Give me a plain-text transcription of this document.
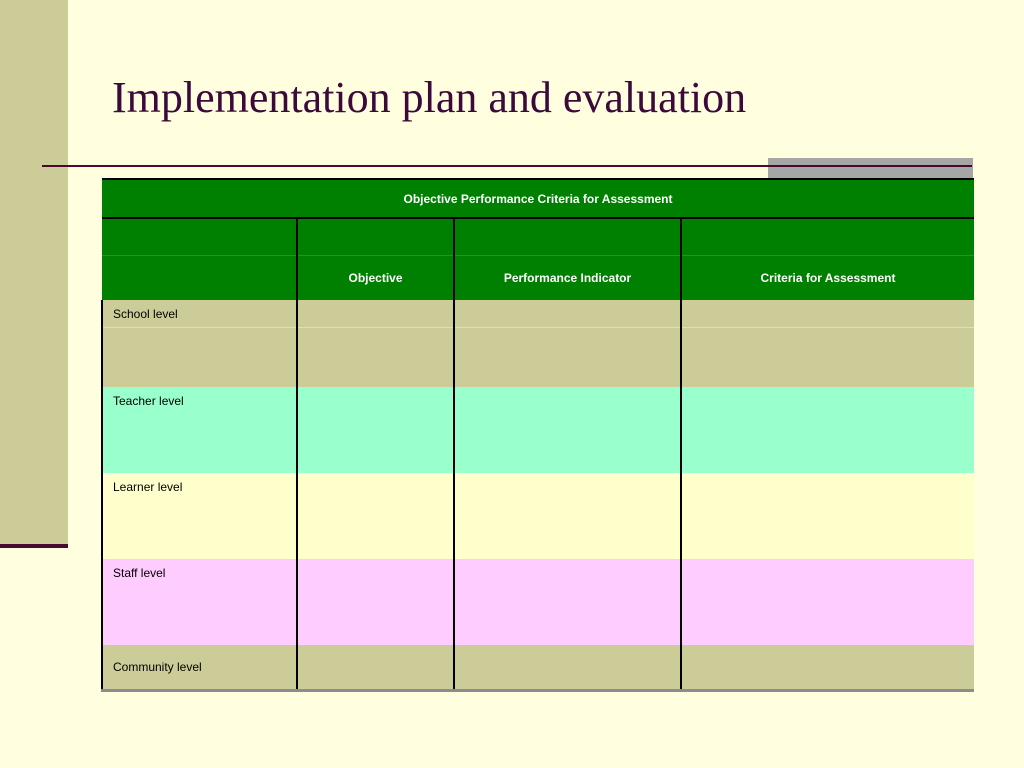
Implementation plan and evaluation
Objective Performance Criteria for Assessment			

	Objective	Performance Indicator	Criteria for Assessment
School level			

Teacher level			

Learner level			

Staff level			

Community level			
